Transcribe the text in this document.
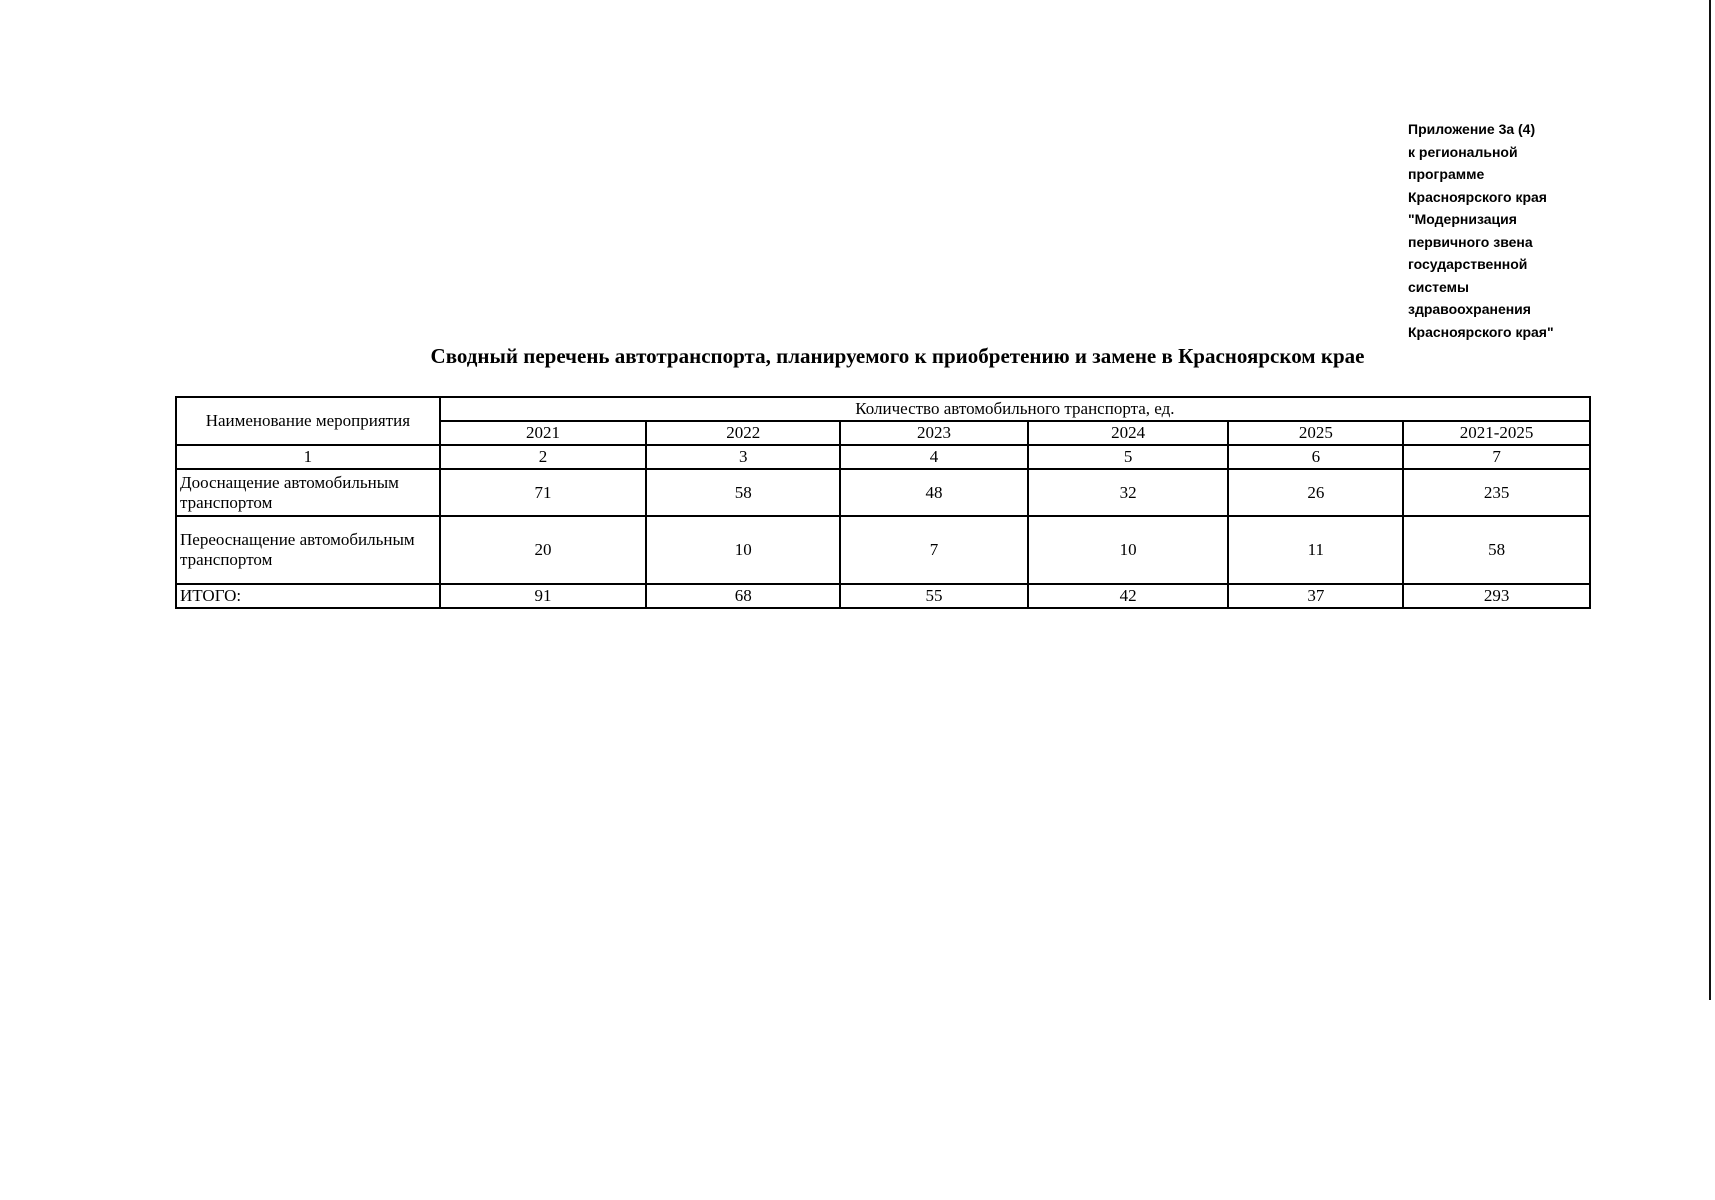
Приложение 3а (4)
к региональной
программе
Красноярского края
"Модернизация
первичного звена
государственной
системы
здравоохранения
Красноярского края"
Сводный перечень автотранспорта, планируемого к приобретению и замене в Красноярском крае
Наименование мероприятия	Количество автомобильного транспорта, ед.					
	2021	2022	2023	2024	2025	2021-2025
1	2	3	4	5	6	7
Дооснащение автомобильным транспортом	71	58	48	32	26	235
Переоснащение автомобильным транспортом	20	10	7	10	11	58
ИТОГО:	91	68	55	42	37	293
